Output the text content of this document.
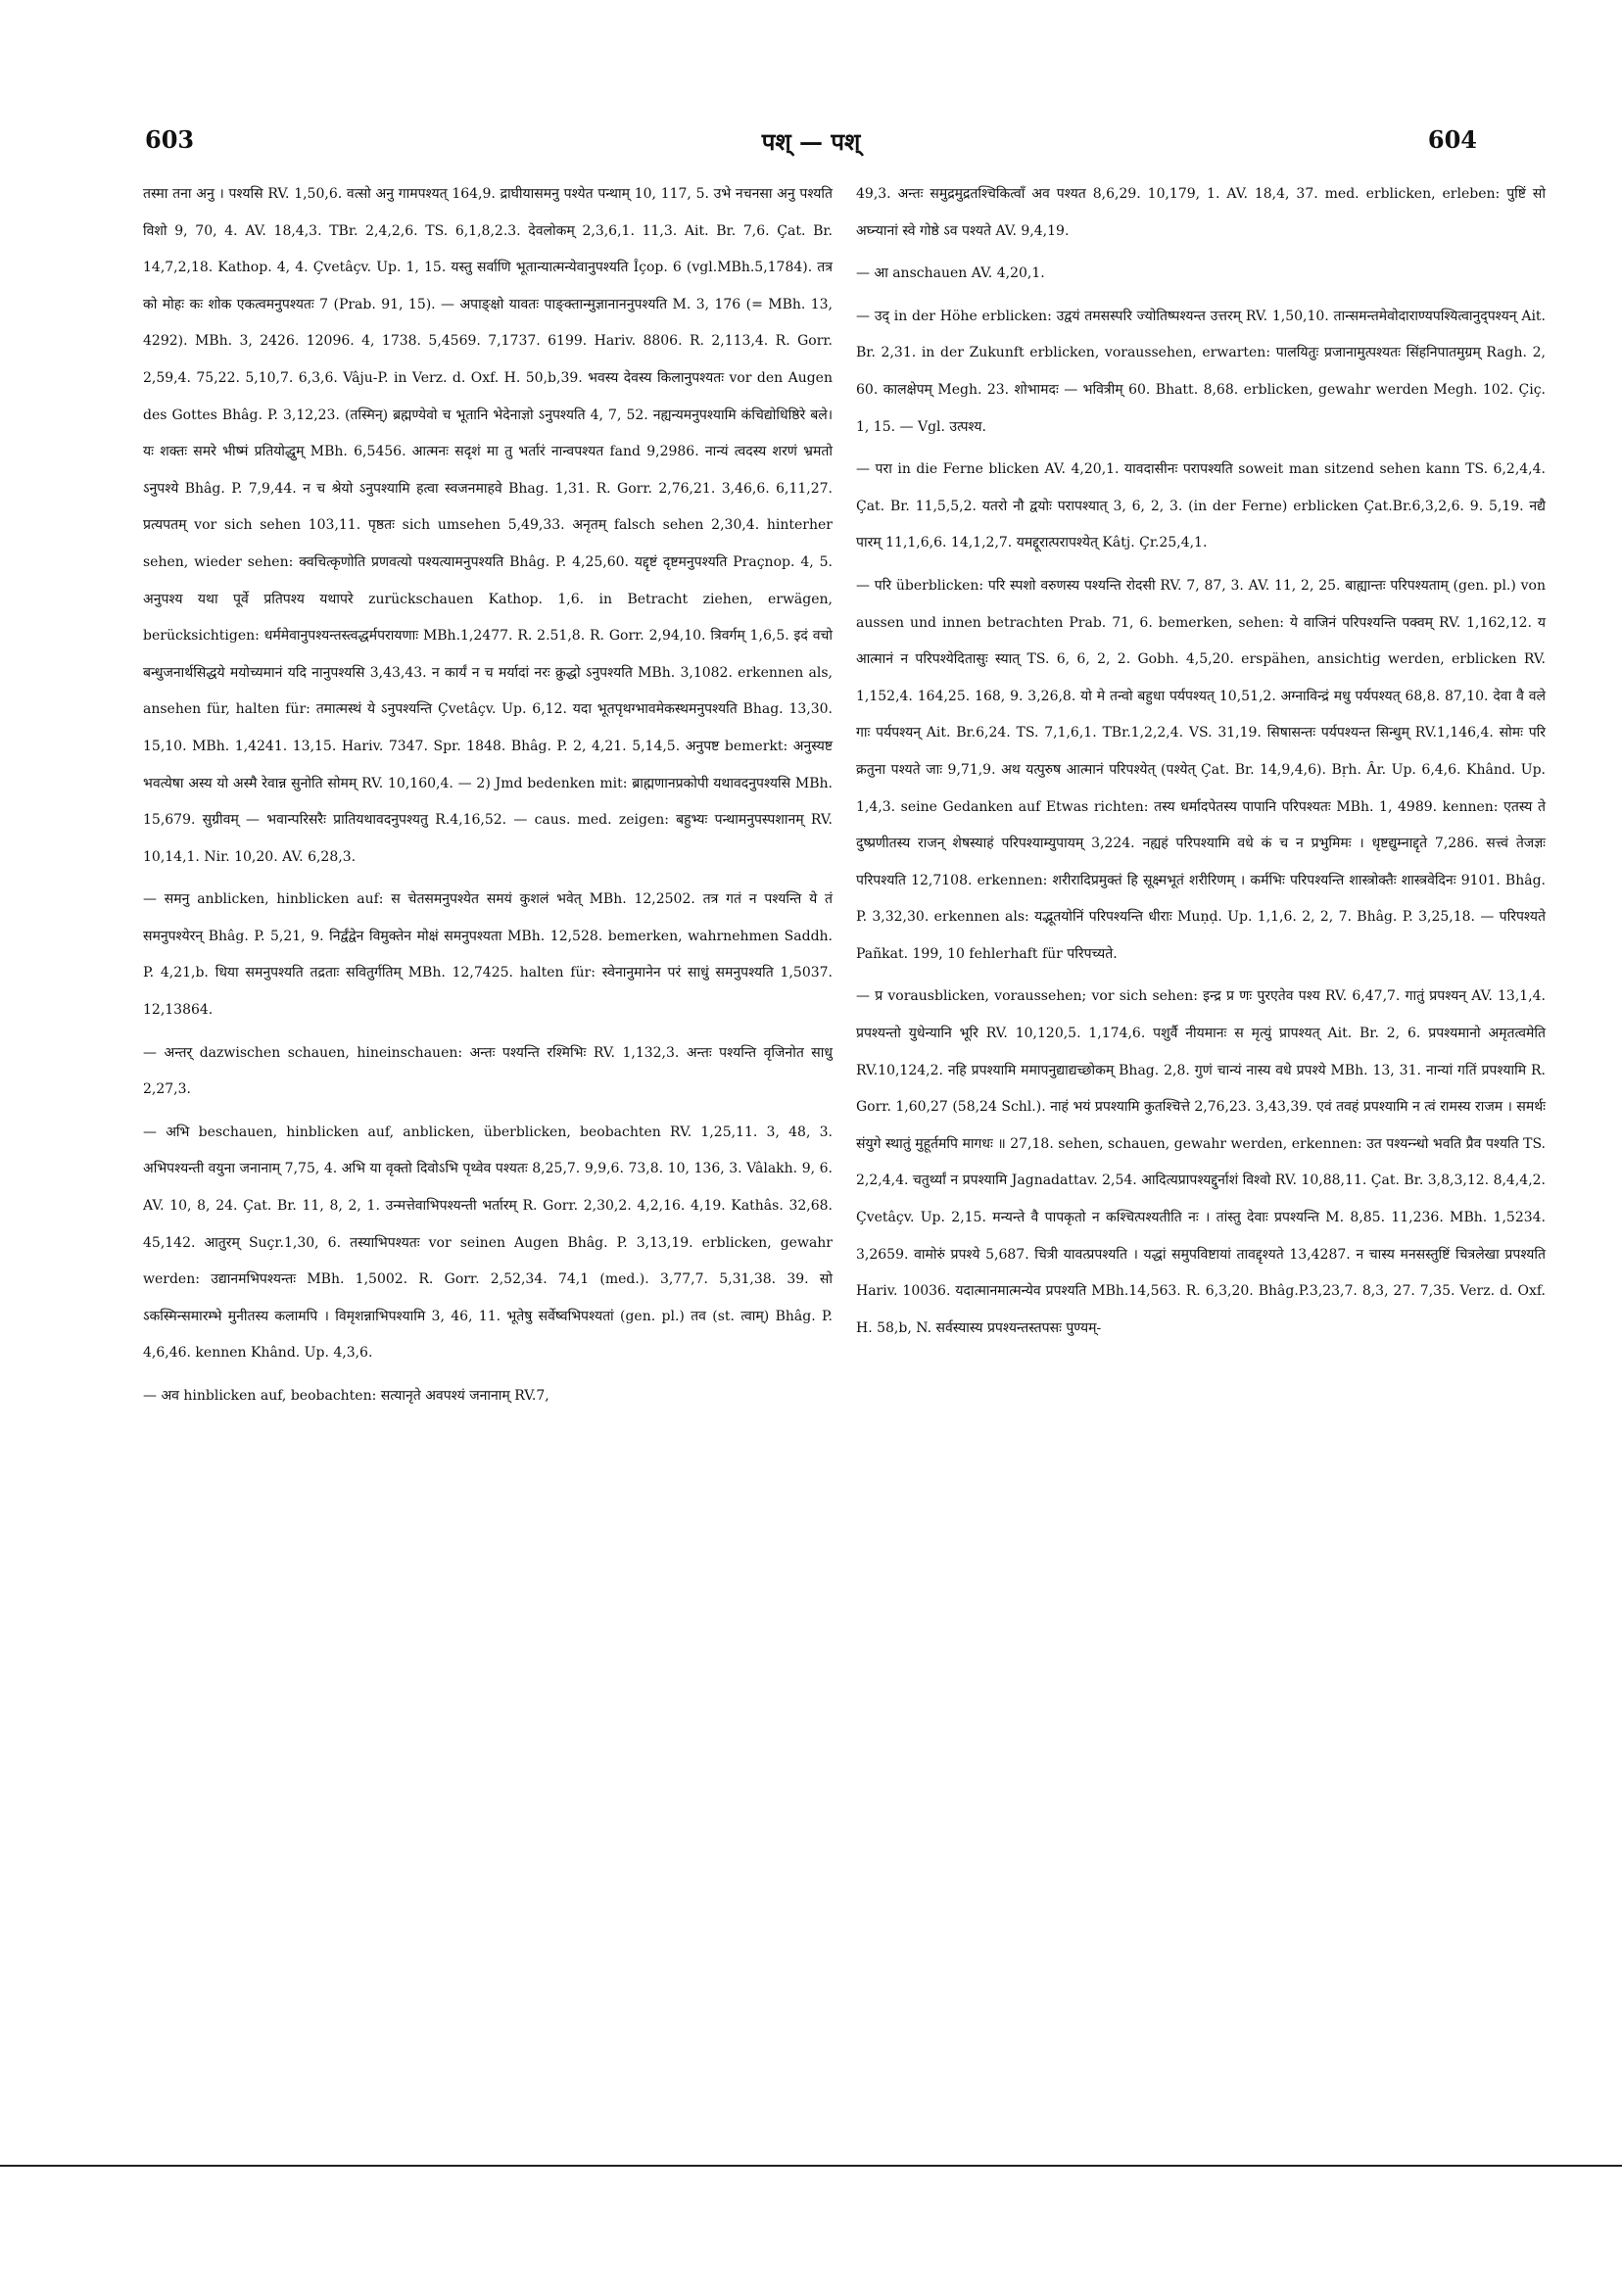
603	पश् — पश्	604

तस्मा तना अनु । पश्यसि RV. 1,50,6. वत्सो अनु गामपश्यत् 164,9. द्राघीयासमनु पश्येत पन्थाम् 10, 117, 5. उभे नचनसा अनु पश्यति विशो 9, 70, 4. AV. 18,4,3. TBr. 2,4,2,6. TS. 6,1,8,2.3. देवलोकम् 2,3,6,1. 11,3. Ait. Br. 7,6. Çat. Br. 14,7,2,18. Kathop. 4, 4. Çvetâçv. Up. 1, 15. यस्तु सर्वाणि भूतान्यात्मन्येवानुपश्यति Îçop. 6 (vgl.MBh.5,1784). तत्र को मोहः कः शोक एकत्वमनुपश्यतः 7 (Prab. 91, 15). — अपाङ्क्षो यावतः पाङ्क्तान्मुज्ञानाननुपश्यति M. 3, 176 (= MBh. 13, 4292). MBh. 3, 2426. 12096. 4, 1738. 5,4569. 7,1737. 6199. Hariv. 8806. R. 2,113,4. R. Gorr. 2,59,4. 75,22. 5,10,7. 6,3,6. Vâju-P. in Verz. d. Oxf. H. 50,b,39. भवस्य देवस्य किलानुपश्यतः vor den Augen des Gottes Bhâg. P. 3,12,23. (तस्मिन्) ब्रह्मण्येवो च भूतानि भेदेनाज्ञो ऽनुपश्यति 4, 7, 52. नह्यन्यमनुपश्यामि कंचिद्योधिष्ठिरे बले। यः शक्तः समरे भीष्मं प्रतियोद्धुम् MBh. 6,5456. आत्मनः सदृशं मा तु भर्तारं नान्वपश्यत fand 9,2986. नान्यं त्वदस्य शरणं भ्रमतो ऽनुपश्ये Bhâg. P. 7,9,44. न च श्रेयो ऽनुपश्यामि हत्वा स्वजनमाहवे Bhag. 1,31. R. Gorr. 2,76,21. 3,46,6. 6,11,27. प्रत्यपतम् vor sich sehen 103,11. पृष्ठतः sich umsehen 5,49,33. अनृतम् falsch sehen 2,30,4. hinterher sehen, wieder sehen: क्वचित्कृणोति प्रणवत्यो पश्यत्यामनुपश्यति Bhâg. P. 4,25,60. यद्दृष्टं दृष्टमनुपश्यति Praçnop. 4, 5. अनुपश्य यथा पूर्वे प्रतिपश्य यथापरे zurückschauen Kathop. 1,6. in Betracht ziehen, erwägen, berücksichtigen: धर्ममेवानुपश्यन्तस्त्वद्धर्मपरायणाः MBh.1,2477. R. 2.51,8. R. Gorr. 2,94,10. त्रिवर्गम् 1,6,5. इदं वचो बन्धुजनार्थसिद्धये मयोच्यमानं यदि नानुपश्यसि 3,43,43. न कार्यं न च मर्यादां नरः क्रुद्धो ऽनुपश्यति MBh. 3,1082. erkennen als, ansehen für, halten für: तमात्मस्थं ये ऽनुपश्यन्ति Çvetâçv. Up. 6,12. यदा भूतपृथग्भावमेकस्थमनुपश्यति Bhag. 13,30. 15,10. MBh. 1,4241. 13,15. Hariv. 7347. Spr. 1848. Bhâg. P. 2, 4,21. 5,14,5. अनुपष्ट bemerkt: अनुस्यष्ट भवत्येषा अस्य यो अस्मै रेवान्न सुनोति सोमम् RV. 10,160,4. — 2) Jmd bedenken mit: ब्राह्मणानप्रकोपी यथावदनुपश्यसि MBh. 15,679. सुग्रीवम् — भवान्परिसरैः प्रातियथावदनुपश्यतु R.4,16,52. — caus. med. zeigen: बहुभ्यः पन्थामनुपस्पशानम् RV. 10,14,1. Nir. 10,20. AV. 6,28,3.

— समनु anblicken, hinblicken auf: स चेतसमनुपश्येत समयं कुशलं भवेत् MBh. 12,2502. तत्र गतं न पश्यन्ति ये तं समनुपश्येरन् Bhâg. P. 5,21, 9. निर्द्वंद्वेन विमुक्तेन मोक्षं समनुपश्यता MBh. 12,528. bemerken, wahrnehmen Saddh. P. 4,21,b. धिया समनुपश्यति तद्रताः सवितुर्गतिम् MBh. 12,7425. halten für: स्वेनानुमानेन परं साधुं समनुपश्यति 1,5037. 12,13864.

— अन्तर् dazwischen schauen, hineinschauen: अन्तः पश्यन्ति रश्मिभिः RV. 1,132,3. अन्तः पश्यन्ति वृजिनोत साधु 2,27,3.

— अभि beschauen, hinblicken auf, anblicken, überblicken, beobachten RV. 1,25,11. 3, 48, 3. अभिपश्यन्ती वयुना जनानाम् 7,75, 4. अभि या वृक्तो दिवोऽभि पृथ्वेव पश्यतः 8,25,7. 9,9,6. 73,8. 10, 136, 3. Vâlakh. 9, 6. AV. 10, 8, 24. Çat. Br. 11, 8, 2, 1. उन्मत्तेवाभिपश्यन्ती भर्तारम् R. Gorr. 2,30,2. 4,2,16. 4,19. Kathâs. 32,68. 45,142. आतुरम् Suçr.1,30, 6. तस्याभिपश्यतः vor seinen Augen Bhâg. P. 3,13,19. erblicken, gewahr werden: उद्यानमभिपश्यन्तः MBh. 1,5002. R. Gorr. 2,52,34. 74,1 (med.). 3,77,7. 5,31,38. 39. सो ऽकस्मिन्समारम्भे मुनीतस्य कलामपि । विमृशन्नाभिपश्यामि 3, 46, 11. भूतेषु सर्वेष्वभिपश्यतां (gen. pl.) तव (st. त्वाम्) Bhâg. P. 4,6,46. kennen Khând. Up. 4,3,6.

— अव hinblicken auf, beobachten: सत्यानृते अवपश्यं जनानाम् RV.7,

49,3. अन्तः समुद्रमुद्रतश्चिकित्वाँ अव पश्यत 8,6,29. 10,179, 1. AV. 18,4, 37. med. erblicken, erleben: पुष्टिं सो अघ्न्यानां स्वे गोष्ठे ऽव पश्यते AV. 9,4,19.

— आ anschauen AV. 4,20,1.

— उद् in der Höhe erblicken: उद्वयं तमसस्परि ज्योतिष्पश्यन्त उत्तरम् RV. 1,50,10. तान्समन्तमेवोदाराण्यपश्यित्वानुद्पश्यन् Ait. Br. 2,31. in der Zukunft erblicken, voraussehen, erwarten: पालयितुः प्रजानामुत्पश्यतः सिंहनिपातमुग्रम् Ragh. 2, 60. कालक्षेपम् Megh. 23. शोभामदः — भवित्रीम् 60. Bhatt. 8,68. erblicken, gewahr werden Megh. 102. Çiç. 1, 15. — Vgl. उत्पश्य.

— परा in die Ferne blicken AV. 4,20,1. यावदासीनः परापश्यति soweit man sitzend sehen kann TS. 6,2,4,4. Çat. Br. 11,5,5,2. यतरो नौ द्वयोः परापश्यात् 3, 6, 2, 3. (in der Ferne) erblicken Çat.Br.6,3,2,6. 9. 5,19. नद्यै पारम् 11,1,6,6. 14,1,2,7. यमद्दूरात्परापश्येत् Kâtj. Çr.25,4,1.

— परि überblicken: परि स्पशो वरुणस्य पश्यन्ति रोदसी RV. 7, 87, 3. AV. 11, 2, 25. बाह्यान्तः परिपश्यताम् (gen. pl.) von aussen und innen betrachten Prab. 71, 6. bemerken, sehen: ये वाजिनं परिपश्यन्ति पक्वम् RV. 1,162,12. य आत्मानं न परिपश्येदितासुः स्यात् TS. 6, 6, 2, 2. Gobh. 4,5,20. erspähen, ansichtig werden, erblicken RV. 1,152,4. 164,25. 168, 9. 3,26,8. यो मे तन्वो बहुधा पर्यपश्यत् 10,51,2. अग्नाविन्द्रं मधु पर्यपश्यत् 68,8. 87,10. देवा वै वले गाः पर्यपश्यन् Ait. Br.6,24. TS. 7,1,6,1. TBr.1,2,2,4. VS. 31,19. सिषासन्तः पर्यपश्यन्त सिन्धुम् RV.1,146,4. सोमः परि क्रतुना पश्यते जाः 9,71,9. अथ यत्पुरुष आत्मानं परिपश्येत् (पश्येत् Çat. Br. 14,9,4,6). Bṛh. Âr. Up. 6,4,6. Khând. Up. 1,4,3. seine Gedanken auf Etwas richten: तस्य धर्मादपेतस्य पापानि परिपश्यतः MBh. 1, 4989. kennen: एतस्य ते दुष्प्रणीतस्य राजन् शेषस्याहं परिपश्याम्युपायम् 3,224. नह्यहं परिपश्यामि वधे कं च न प्रभुमिमः । धृष्टद्युम्नाद्दृते 7,286. सत्त्वं तेजज्ञः परिपश्यति 12,7108. erkennen: शरीरादिप्रमुक्तं हि सूक्ष्मभूतं शरीरिणम् । कर्मभिः परिपश्यन्ति शास्त्रोक्तैः शास्त्रवेदिनः 9101. Bhâg. P. 3,32,30. erkennen als: यद्भूतयोनिं परिपश्यन्ति धीराः Muṇḍ. Up. 1,1,6. 2, 2, 7. Bhâg. P. 3,25,18. — परिपश्यते Pañkat. 199, 10 fehlerhaft für परिपच्यते.

— प्र vorausblicken, voraussehen; vor sich sehen: इन्द्र प्र णः पुरएतेव पश्य RV. 6,47,7. गातुं प्रपश्यन् AV. 13,1,4. प्रपश्यन्तो युधेन्यानि भूरि RV. 10,120,5. 1,174,6. पशुर्वै नीयमानः स मृत्युं प्रापश्यत् Ait. Br. 2, 6. प्रपश्यमानो अमृतत्वमेति RV.10,124,2. नहि प्रपश्यामि ममापनुद्याद्यच्छोकम् Bhag. 2,8. गुणं चान्यं नास्य वधे प्रपश्ये MBh. 13, 31. नान्यां गतिं प्रपश्यामि R. Gorr. 1,60,27 (58,24 Schl.). नाहं भयं प्रपश्यामि कुतश्चित्ते 2,76,23. 3,43,39. एवं तवहं प्रपश्यामि न त्वं रामस्य राजम । समर्थः संयुगे स्थातुं मुहूर्तमपि मागधः ॥ 27,18. sehen, schauen, gewahr werden, erkennen: उत पश्यन्न्धो भवति प्रैव पश्यति TS. 2,2,4,4. चतुर्थ्यां न प्रपश्यामि Jagnadattav. 2,54. आदित्यप्रापश्यद्दुर्नाशं विश्वो RV. 10,88,11. Çat. Br. 3,8,3,12. 8,4,4,2. Çvetâçv. Up. 2,15. मन्यन्ते वै पापकृतो न कश्चित्पश्यतीति नः । तांस्तु देवाः प्रपश्यन्ति M. 8,85. 11,236. MBh. 1,5234. 3,2659. वामोरुं प्रपश्ये 5,687. चित्री यावत्प्रपश्यति । यद्धां समुपविष्टायां तावद्दृश्यते 13,4287. न चास्य मनसस्तुष्टिं चित्रलेखा प्रपश्यति Hariv. 10036. यदात्मानमात्मन्येव प्रपश्यति MBh.14,563. R. 6,3,20. Bhâg.P.3,23,7. 8,3, 27. 7,35. Verz. d. Oxf. H. 58,b, N. सर्वस्यास्य प्रपश्यन्तस्तपसः पुण्यम्-
